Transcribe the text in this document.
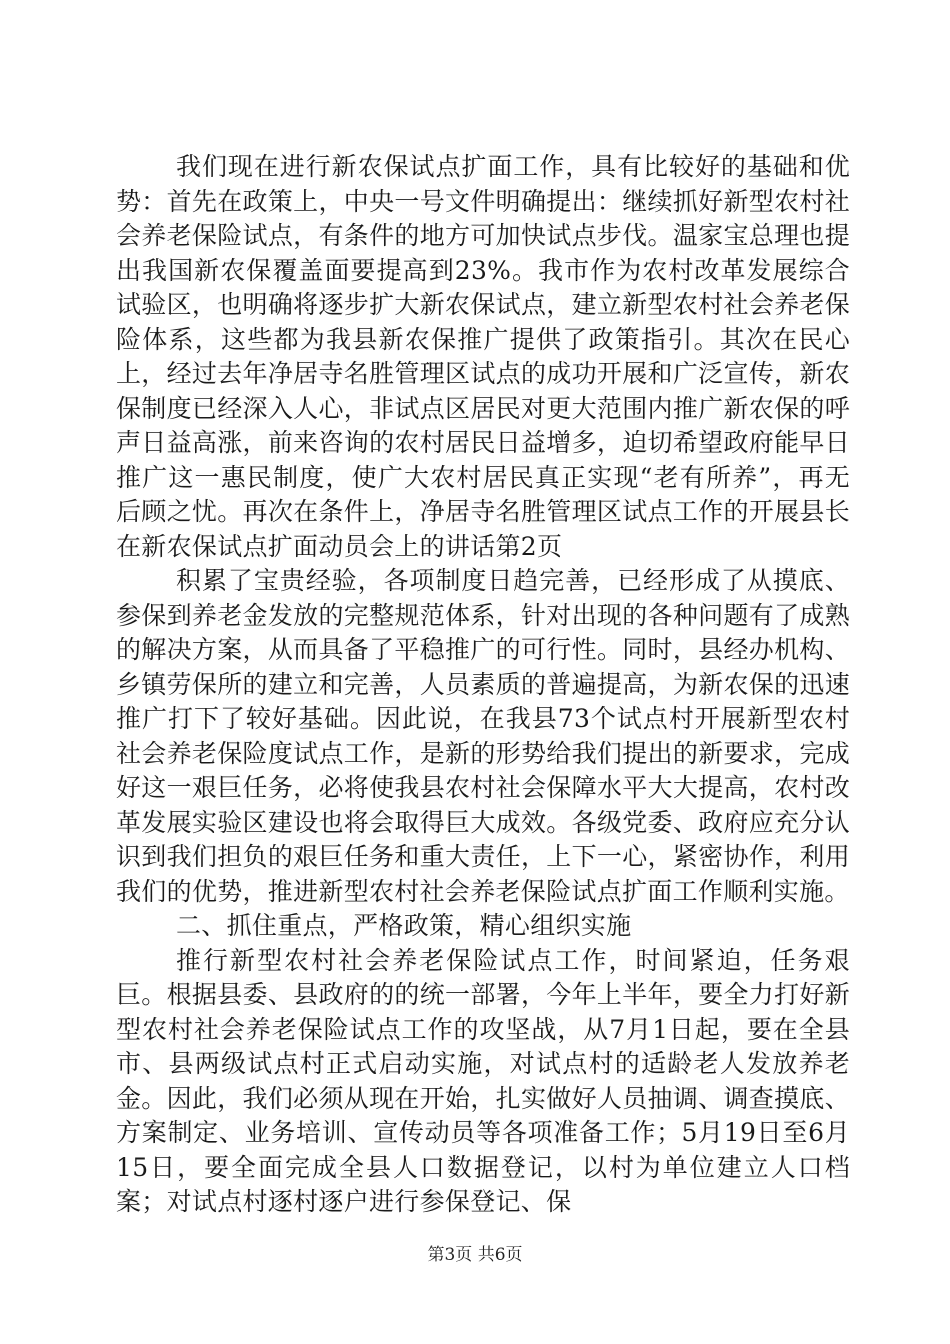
我们现在进行新农保试点扩面工作，具有比较好的基础和优势：首先在政策上，中央一号文件明确提出：继续抓好新型农村社会养老保险试点，有条件的地方可加快试点步伐。温家宝总理也提出我国新农保覆盖面要提高到23%。我市作为农村改革发展综合试验区，也明确将逐步扩大新农保试点，建立新型农村社会养老保险体系，这些都为我县新农保推广提供了政策指引。其次在民心上，经过去年净居寺名胜管理区试点的成功开展和广泛宣传，新农保制度已经深入人心，非试点区居民对更大范围内推广新农保的呼声日益高涨，前来咨询的农村居民日益增多，迫切希望政府能早日推广这一惠民制度，使广大农村居民真正实现“老有所养”，再无后顾之忧。再次在条件上，净居寺名胜管理区试点工作的开展县长在新农保试点扩面动员会上的讲话第2页

积累了宝贵经验，各项制度日趋完善，已经形成了从摸底、参保到养老金发放的完整规范体系，针对出现的各种问题有了成熟的解决方案，从而具备了平稳推广的可行性。同时，县经办机构、乡镇劳保所的建立和完善，人员素质的普遍提高，为新农保的迅速推广打下了较好基础。因此说，在我县73个试点村开展新型农村社会养老保险度试点工作，是新的形势给我们提出的新要求，完成好这一艰巨任务，必将使我县农村社会保障水平大大提高，农村改革发展实验区建设也将会取得巨大成效。各级党委、政府应充分认识到我们担负的艰巨任务和重大责任，上下一心，紧密协作，利用我们的优势，推进新型农村社会养老保险试点扩面工作顺利实施。

二、抓住重点，严格政策，精心组织实施

推行新型农村社会养老保险试点工作，时间紧迫，任务艰巨。根据县委、县政府的的统一部署，今年上半年，要全力打好新型农村社会养老保险试点工作的攻坚战，从7月1日起，要在全县市、县两级试点村正式启动实施，对试点村的适龄老人发放养老金。因此，我们必须从现在开始，扎实做好人员抽调、调查摸底、方案制定、业务培训、宣传动员等各项准备工作；5月19日至6月15日，要全面完成全县人口数据登记，以村为单位建立人口档案；对试点村逐村逐户进行参保登记、保

第3页 共6页
